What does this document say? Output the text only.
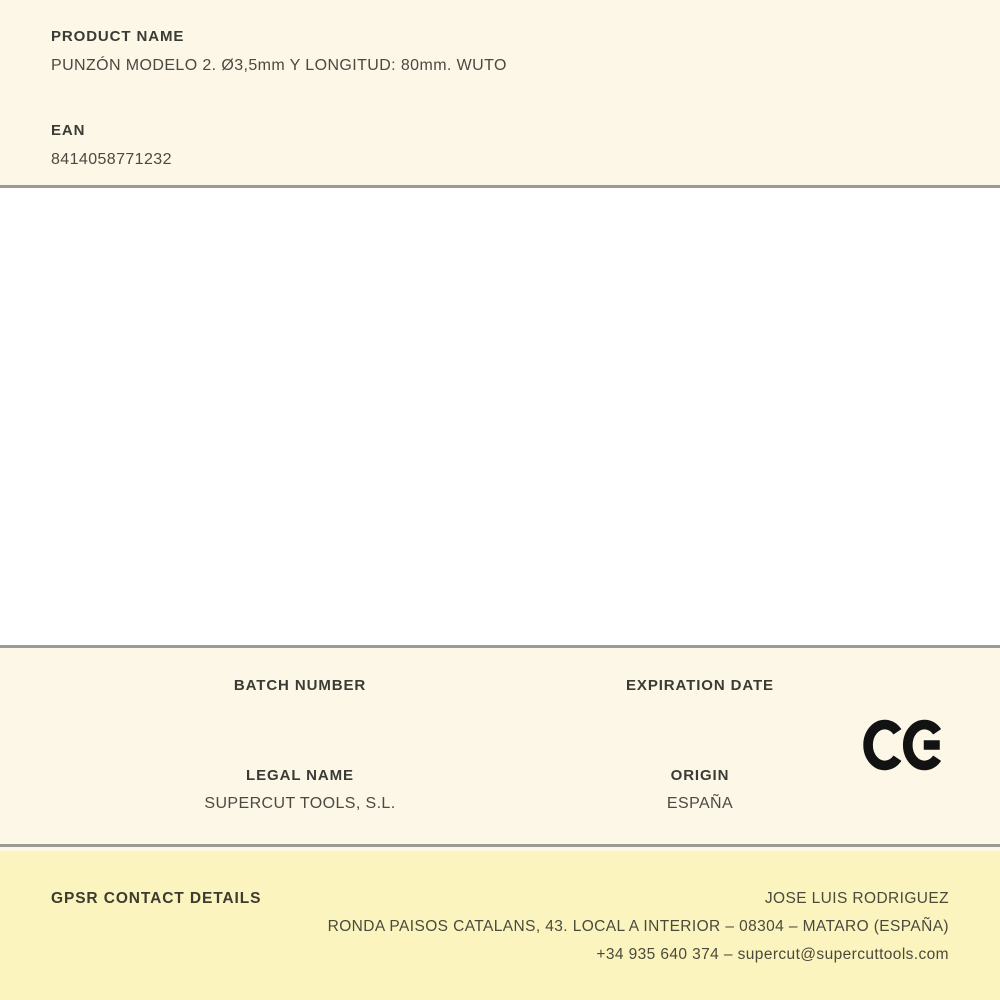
PRODUCT NAME
PUNZÓN MODELO 2. Ø3,5mm Y LONGITUD: 80mm. WUTO
EAN
8414058771232
BATCH NUMBER	EXPIRATION DATE
LEGAL NAME
SUPERCUT TOOLS, S.L.
ORIGIN
ESPAÑA
GPSR CONTACT DETAILS	JOSE LUIS RODRIGUEZ
RONDA PAISOS CATALANS, 43. LOCAL A INTERIOR – 08304 – MATARO (ESPAÑA)
+34 935 640 374 – supercut@supercuttools.com
